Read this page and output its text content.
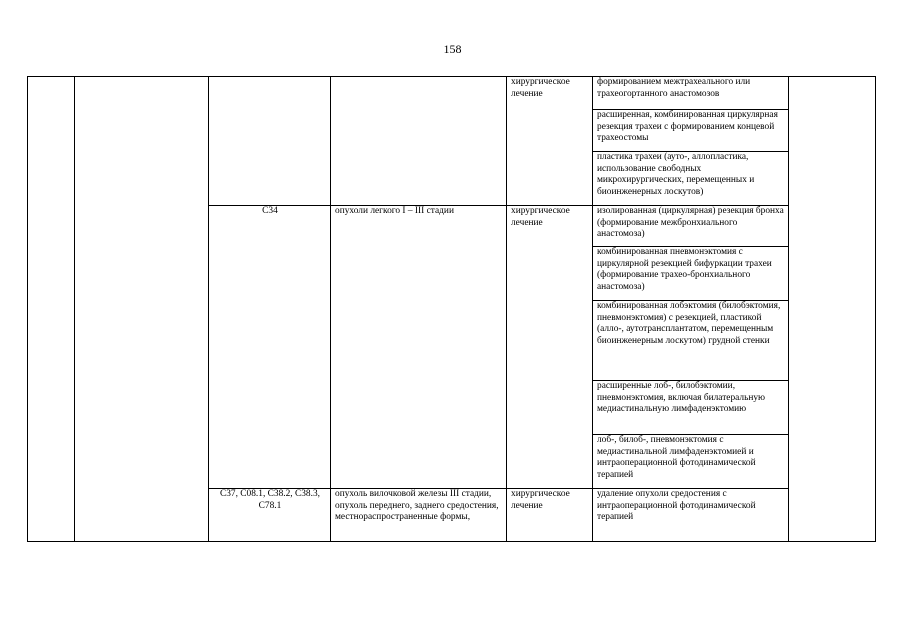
158
				хирургическое лечение	формированием межтрахеального или трахеогортанного анастомозов	
					расширенная, комбинированная циркулярная резекция трахеи с формированием концевой трахеостомы	
					пластика трахеи (ауто-, аллопластика, использование свободных микрохирургических, перемещенных и биоинженерных лоскутов)	
		C34	опухоли легкого I – III стадии	хирургическое лечение	изолированная (циркулярная) резекция бронха (формирование межбронхиального анастомоза)	
					комбинированная пневмонэктомия с циркулярной резекцией бифуркации трахеи (формирование трахео-бронхиального анастомоза)	
					комбинированная лобэктомия (билобэктомия, пневмонэктомия) с резекцией, пластикой (алло-, аутотрансплантатом, перемещенным биоинженерным лоскутом) грудной стенки	
					расширенные лоб-, билобэктомии, пневмонэктомия, включая билатеральную медиастинальную лимфаденэктомию	
					лоб-, билоб-, пневмонэктомия с медиастинальной лимфаденэктомией и интраоперационной фотодинамической терапией	
		C37, C08.1, C38.2, C38.3, C78.1	опухоль вилочковой железы III стадии, опухоль переднего, заднего средостения, местнораспространенные формы,	хирургическое лечение	удаление опухоли средостения с интраоперационной фотодинамической терапией	
